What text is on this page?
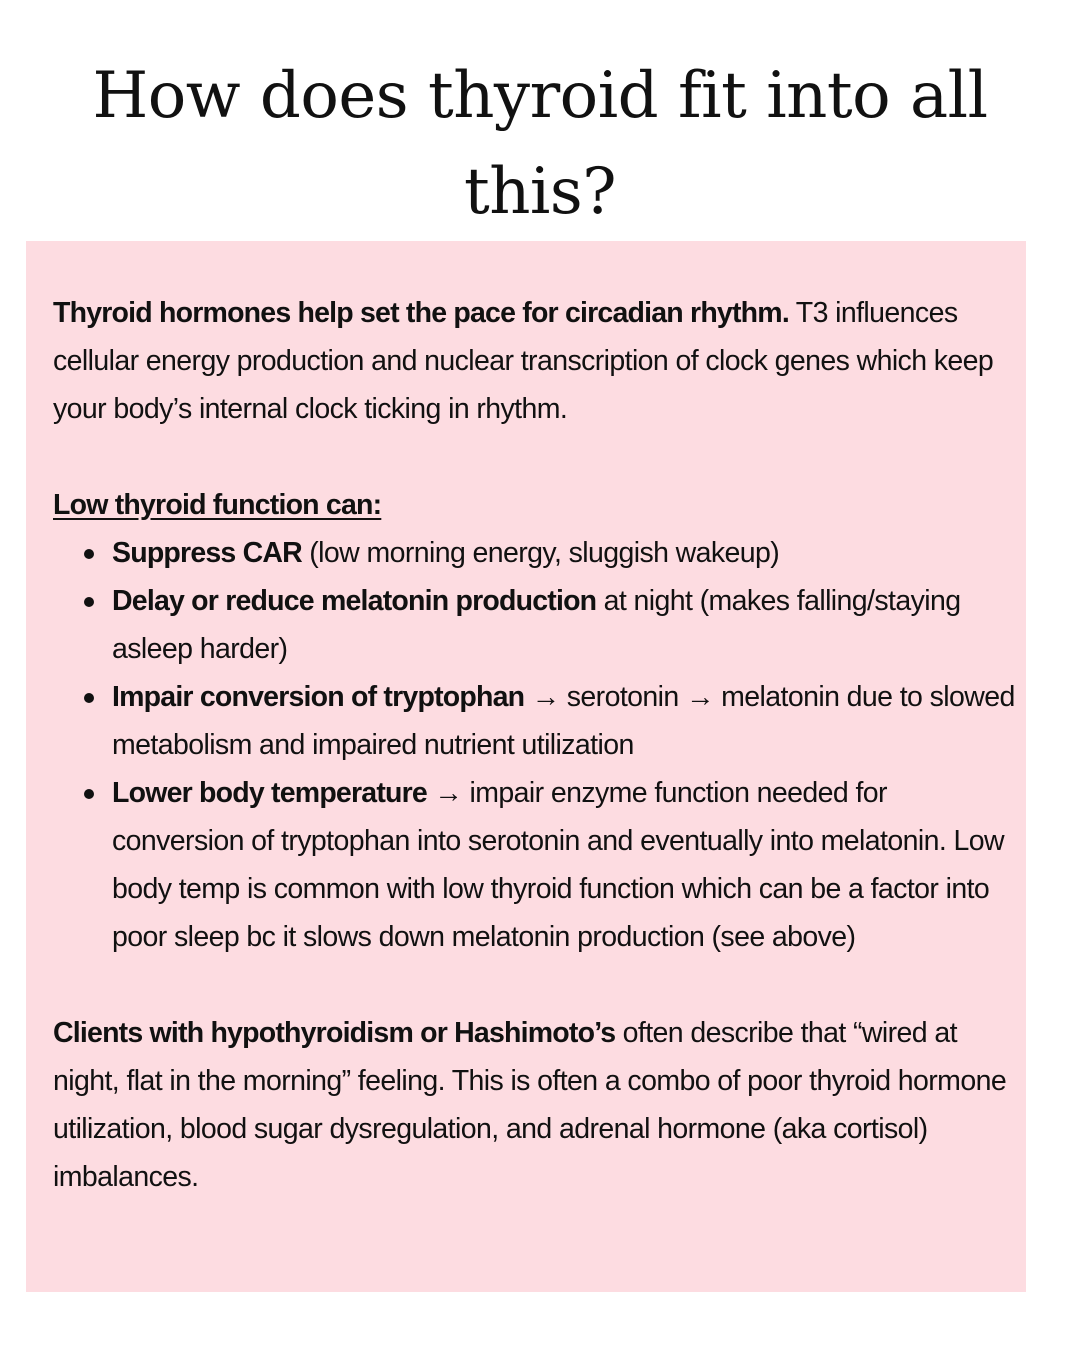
How does thyroid fit into all this?

Thyroid hormones help set the pace for circadian rhythm. T3 influences cellular energy production and nuclear transcription of clock genes which keep your body’s internal clock ticking in rhythm.

Low thyroid function can:

Suppress CAR (low morning energy, sluggish wakeup)
Delay or reduce melatonin production at night (makes falling/staying asleep harder)
Impair conversion of tryptophan → serotonin → melatonin due to slowed metabolism and impaired nutrient utilization
Lower body temperature → impair enzyme function needed for conversion of tryptophan into serotonin and eventually into melatonin. Low body temp is common with low thyroid function which can be a factor into poor sleep bc it slows down melatonin production (see above)

Clients with hypothyroidism or Hashimoto’s often describe that “wired at night, flat in the morning” feeling. This is often a combo of poor thyroid hormone utilization, blood sugar dysregulation, and adrenal hormone (aka cortisol) imbalances.
